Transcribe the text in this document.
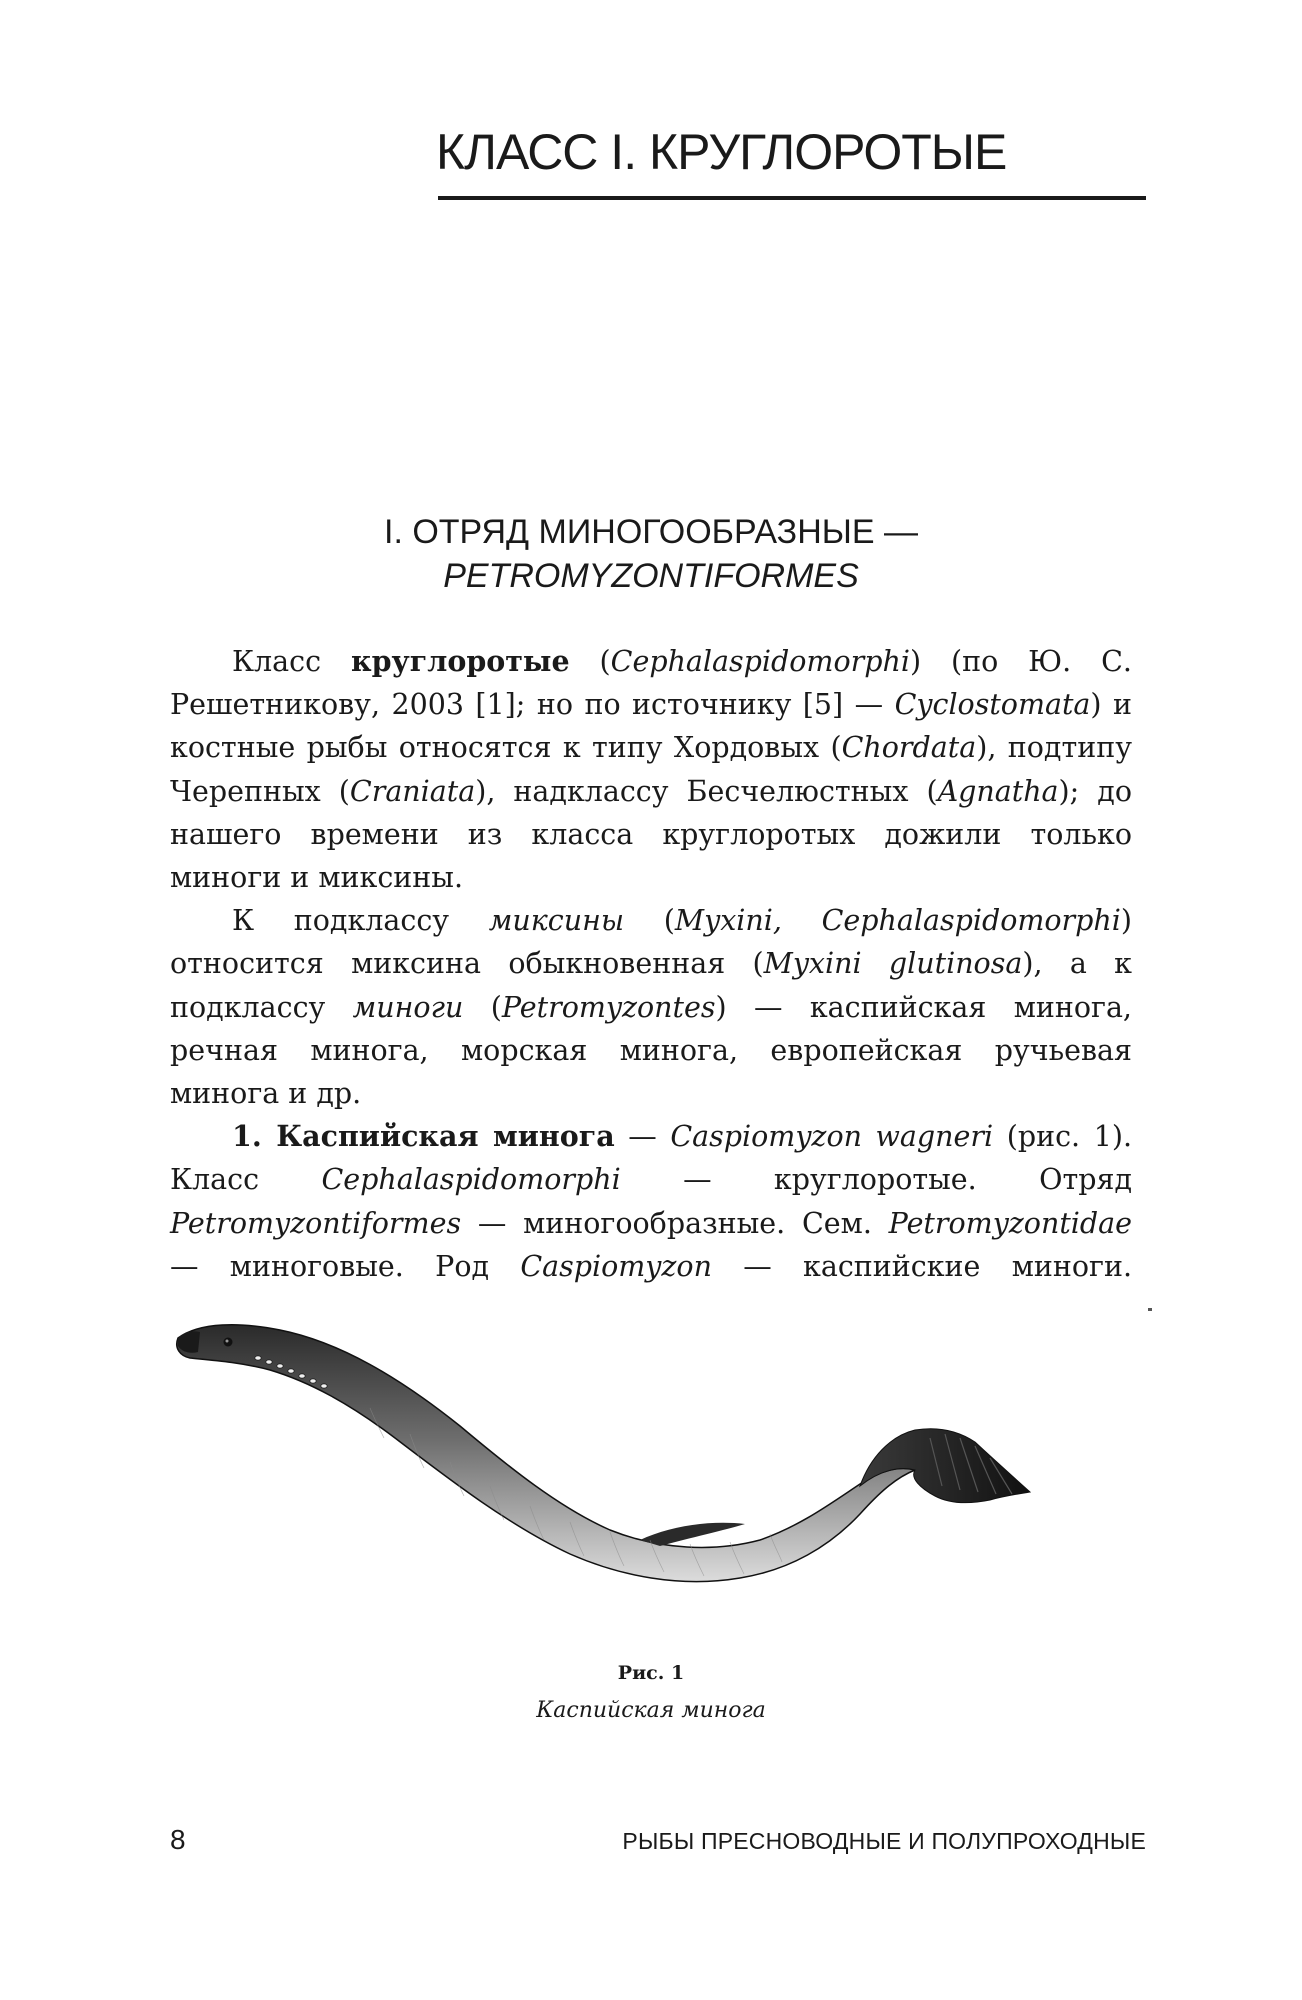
КЛАСС I. КРУГЛОРОТЫЕ
I. ОТРЯД МИНОГООБРАЗНЫЕ —
PETROMYZONTIFORMES

Класс круглоротые (Cephalaspidomorphi) (по Ю. С. Решетникову, 2003 [1]; но по источнику [5] — Cyclostomata) и костные рыбы относятся к типу Хордовых (Chordata), подтипу Черепных (Craniata), надклассу Бесчелюстных (Agnatha); до нашего времени из класса круглоротых дожили только миноги и миксины.

К подклассу миксины (Myxini, Cephalaspidomorphi) относится миксина обыкновенная (Myxini glutinosa), а к подклассу миноги (Petromyzontes) — каспийская минога, речная минога, морская минога, европейская ручьевая минога и др.

1. Каспийская минога — Caspiomyzon wagneri (рис. 1). Класс Cephalaspidomorphi — круглоротые. Отряд Petromyzontiformes — миногообразные. Сем. Petromyzontidae — миноговые. Род Caspiomyzon — каспийские миноги.

Рис. 1
Каспийская минога
8	РЫБЫ ПРЕСНОВОДНЫЕ И ПОЛУПРОХОДНЫЕ
